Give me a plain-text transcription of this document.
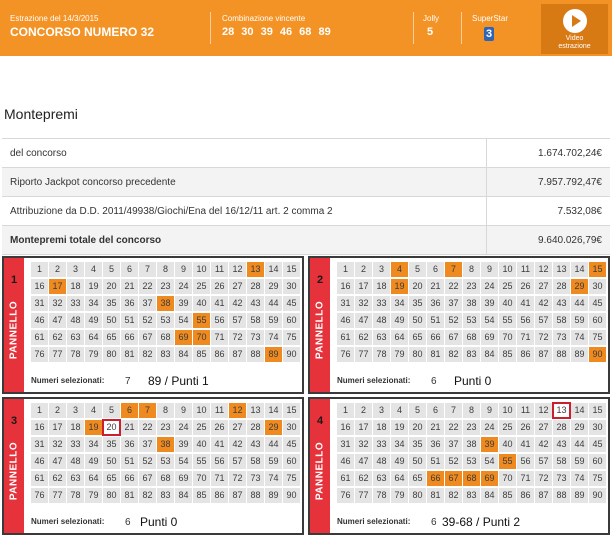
Estrazione del 14/3/2015
CONCORSO NUMERO 32
Combinazione vincente
28 30 39 46 68 89
Jolly
5
SuperStar
3	Video
estrazione
Montepremi
del concorso	1.674.702,24€
Riporto Jackpot concorso precedente	7.957.792,47€
Attribuzione da D.D. 2011/49938/Giochi/Ena del 16/12/11 art. 2 comma 2	7.532,08€
Montepremi totale del concorso	9.640.026,79€
1
PANNELLO
1	2	3	4	5	6	7	8	9	10 11 12 13 14 15
16 17 18 19 20 21 22 23 24 25 26 27 28 29 30
31 32 33 34 35 36 37 38 39 40 41 42 43 44 45
46 47 48 49 50 51 52 53 54 55 56 57 58 59 60
61 62 63 64 65 66 67 68 69 70 71 72 73 74 75
76 77 78 79 80 81 82 83 84 85 86 87 88 89 90
Numeri selezionati: 7 89 / Punti 1
2
PANNELLO
1	2	3	4	5	6	7	8	9	10 11 12 13 14 15
16 17 18 19 20 21 22 23 24 25 26 27 28 29 30
31 32 33 34 35 36 37 38 39 40 41 42 43 44 45
46 47 48 49 50 51 52 53 54 55 56 57 58 59 60
61 62 63 64 65 66 67 68 69 70 71 72 73 74 75
76 77 78 79 80 81 82 83 84 85 86 87 88 89 90
Numeri selezionati: 6 Punti 0
3
PANNELLO
1	2	3	4	5	6	7	8	9	10 11 12 13 14 15
16 17 18 19 20 21 22 23 24 25 26 27 28 29 30
31 32 33 34 35 36 37 38 39 40 41 42 43 44 45
46 47 48 49 50 51 52 53 54 55 56 57 58 59 60
61 62 63 64 65 66 67 68 69 70 71 72 73 74 75
76 77 78 79 80 81 82 83 84 85 86 87 88 89 90
Numeri selezionati: 6 Punti 0
4
PANNELLO
1	2	3	4	5	6	7	8	9	10 11 12 13 14 15
16 17 18 19 20 21 22 23 24 25 26 27 28 29 30
31 32 33 34 35 36 37 38 39 40 41 42 43 44 45
46 47 48 49 50 51 52 53 54 55 56 57 58 59 60
61 62 63 64 65 66 67 68 69 70 71 72 73 74 75
76 77 78 79 80 81 82 83 84 85 86 87 88 89 90
Numeri selezionati: 6 39-68 / Punti 2
